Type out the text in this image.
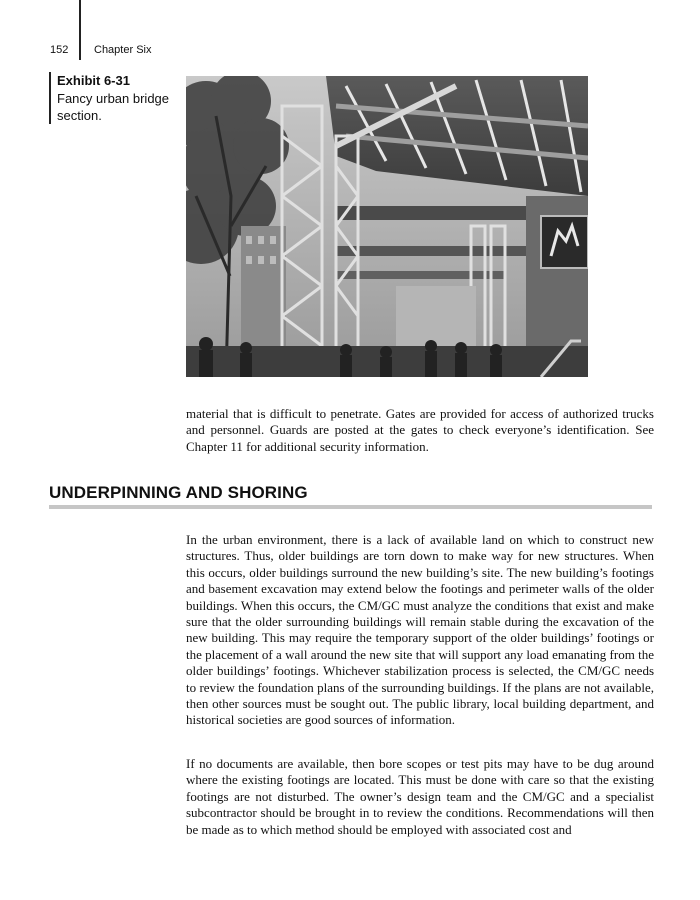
152 Chapter Six
Exhibit 6-31
Fancy urban bridge section.

material that is difficult to penetrate. Gates are provided for access of authorized trucks and personnel. Guards are posted at the gates to check everyone’s identification. See Chapter 11 for additional security information.

UNDERPINNING AND SHORING

In the urban environment, there is a lack of available land on which to construct new structures. Thus, older buildings are torn down to make way for new structures. When this occurs, older buildings surround the new building’s site. The new building’s footings and basement excavation may extend below the footings and perimeter walls of the older buildings. When this occurs, the CM/GC must analyze the conditions that exist and make sure that the older surrounding buildings will remain stable during the excavation of the new building. This may require the temporary support of the older buildings’ footings or the placement of a wall around the new site that will support any load emanating from the older buildings’ footings. Whichever stabilization process is selected, the CM/GC needs to review the foundation plans of the surrounding buildings. If the plans are not available, then other sources must be sought out. The public library, local building department, and historical societies are good sources of information.

If no documents are available, then bore scopes or test pits may have to be dug around where the existing footings are located. This must be done with care so that the existing footings are not disturbed. The owner’s design team and the CM/GC and a specialist subcontractor should be brought in to review the conditions. Recommendations will then be made as to which method should be employed with associated cost and
